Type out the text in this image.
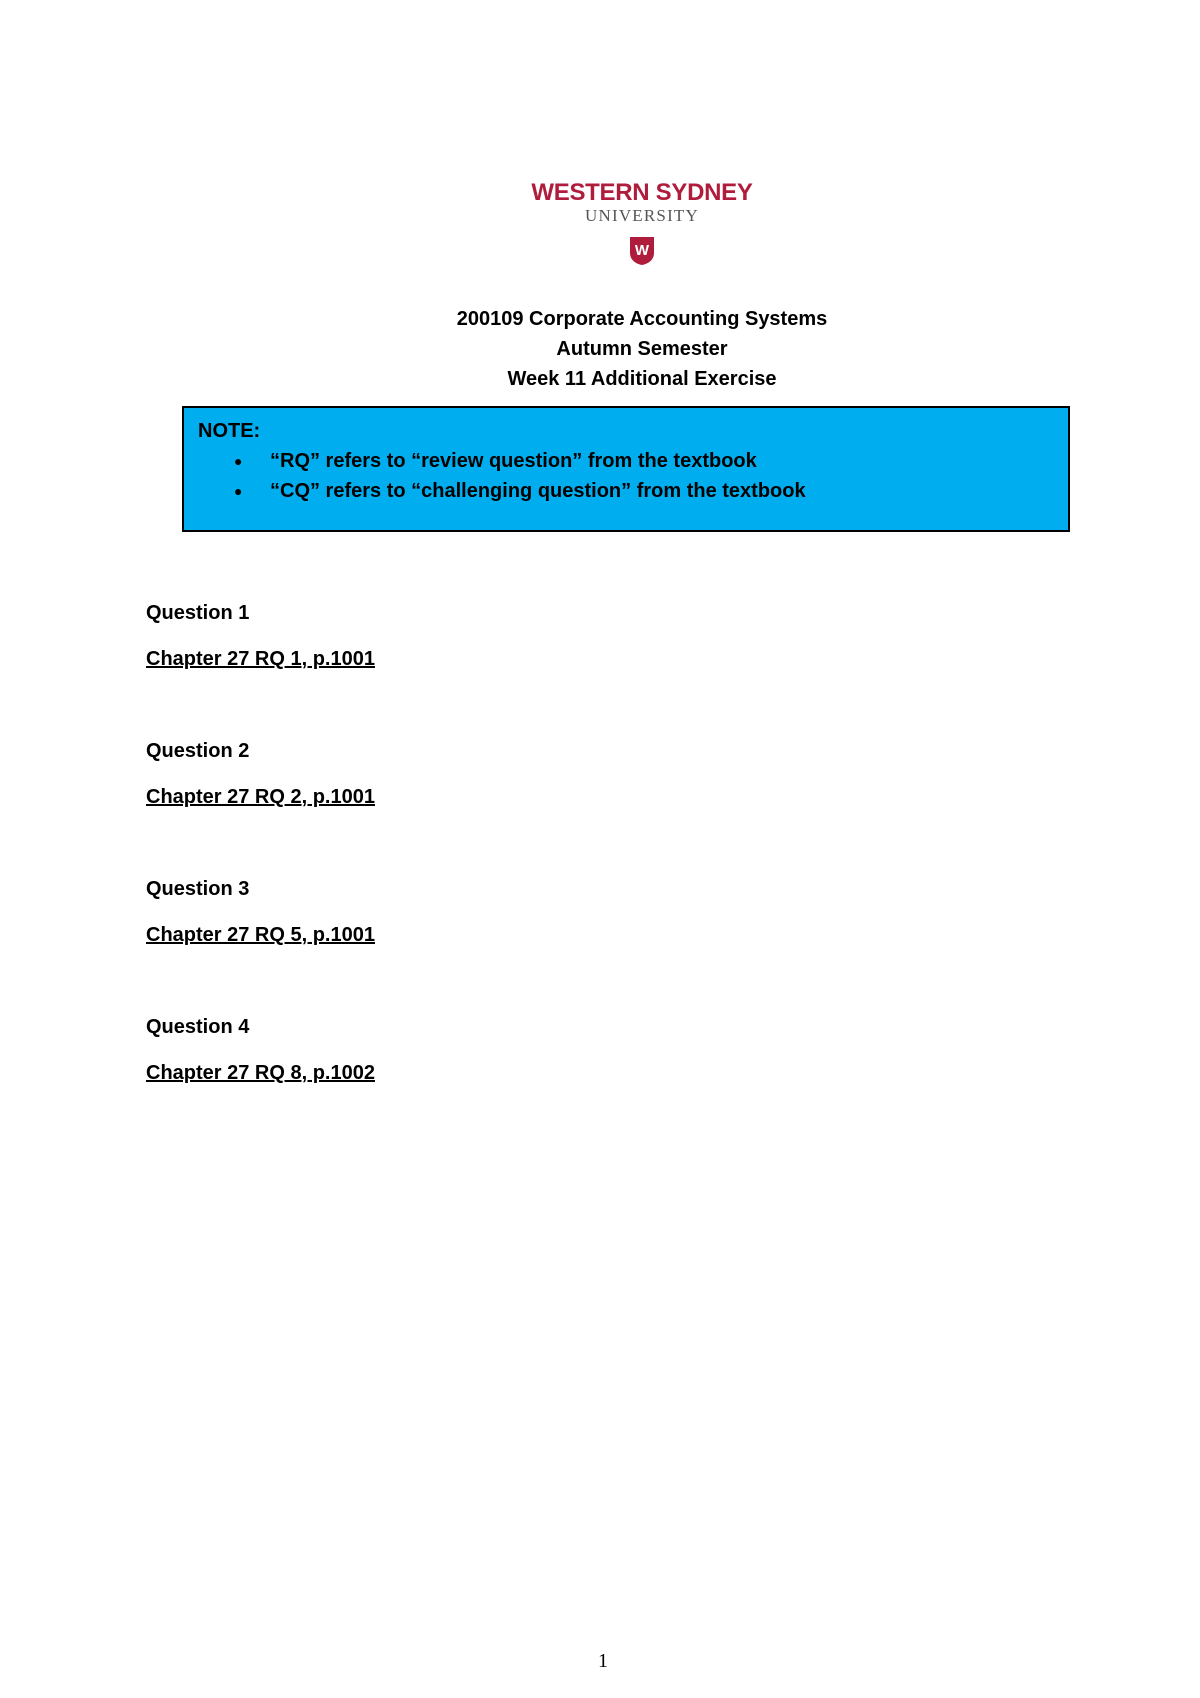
WESTERN SYDNEY
UNIVERSITY
W
200109 Corporate Accounting Systems
Autumn Semester
Week 11 Additional Exercise
NOTE:
● “RQ” refers to “review question” from the textbook
● “CQ” refers to “challenging question” from the textbook
Question 1
Chapter 27 RQ 1, p.1001
Question 2
Chapter 27 RQ 2, p.1001
Question 3
Chapter 27 RQ 5, p.1001
Question 4
Chapter 27 RQ 8, p.1002
1
